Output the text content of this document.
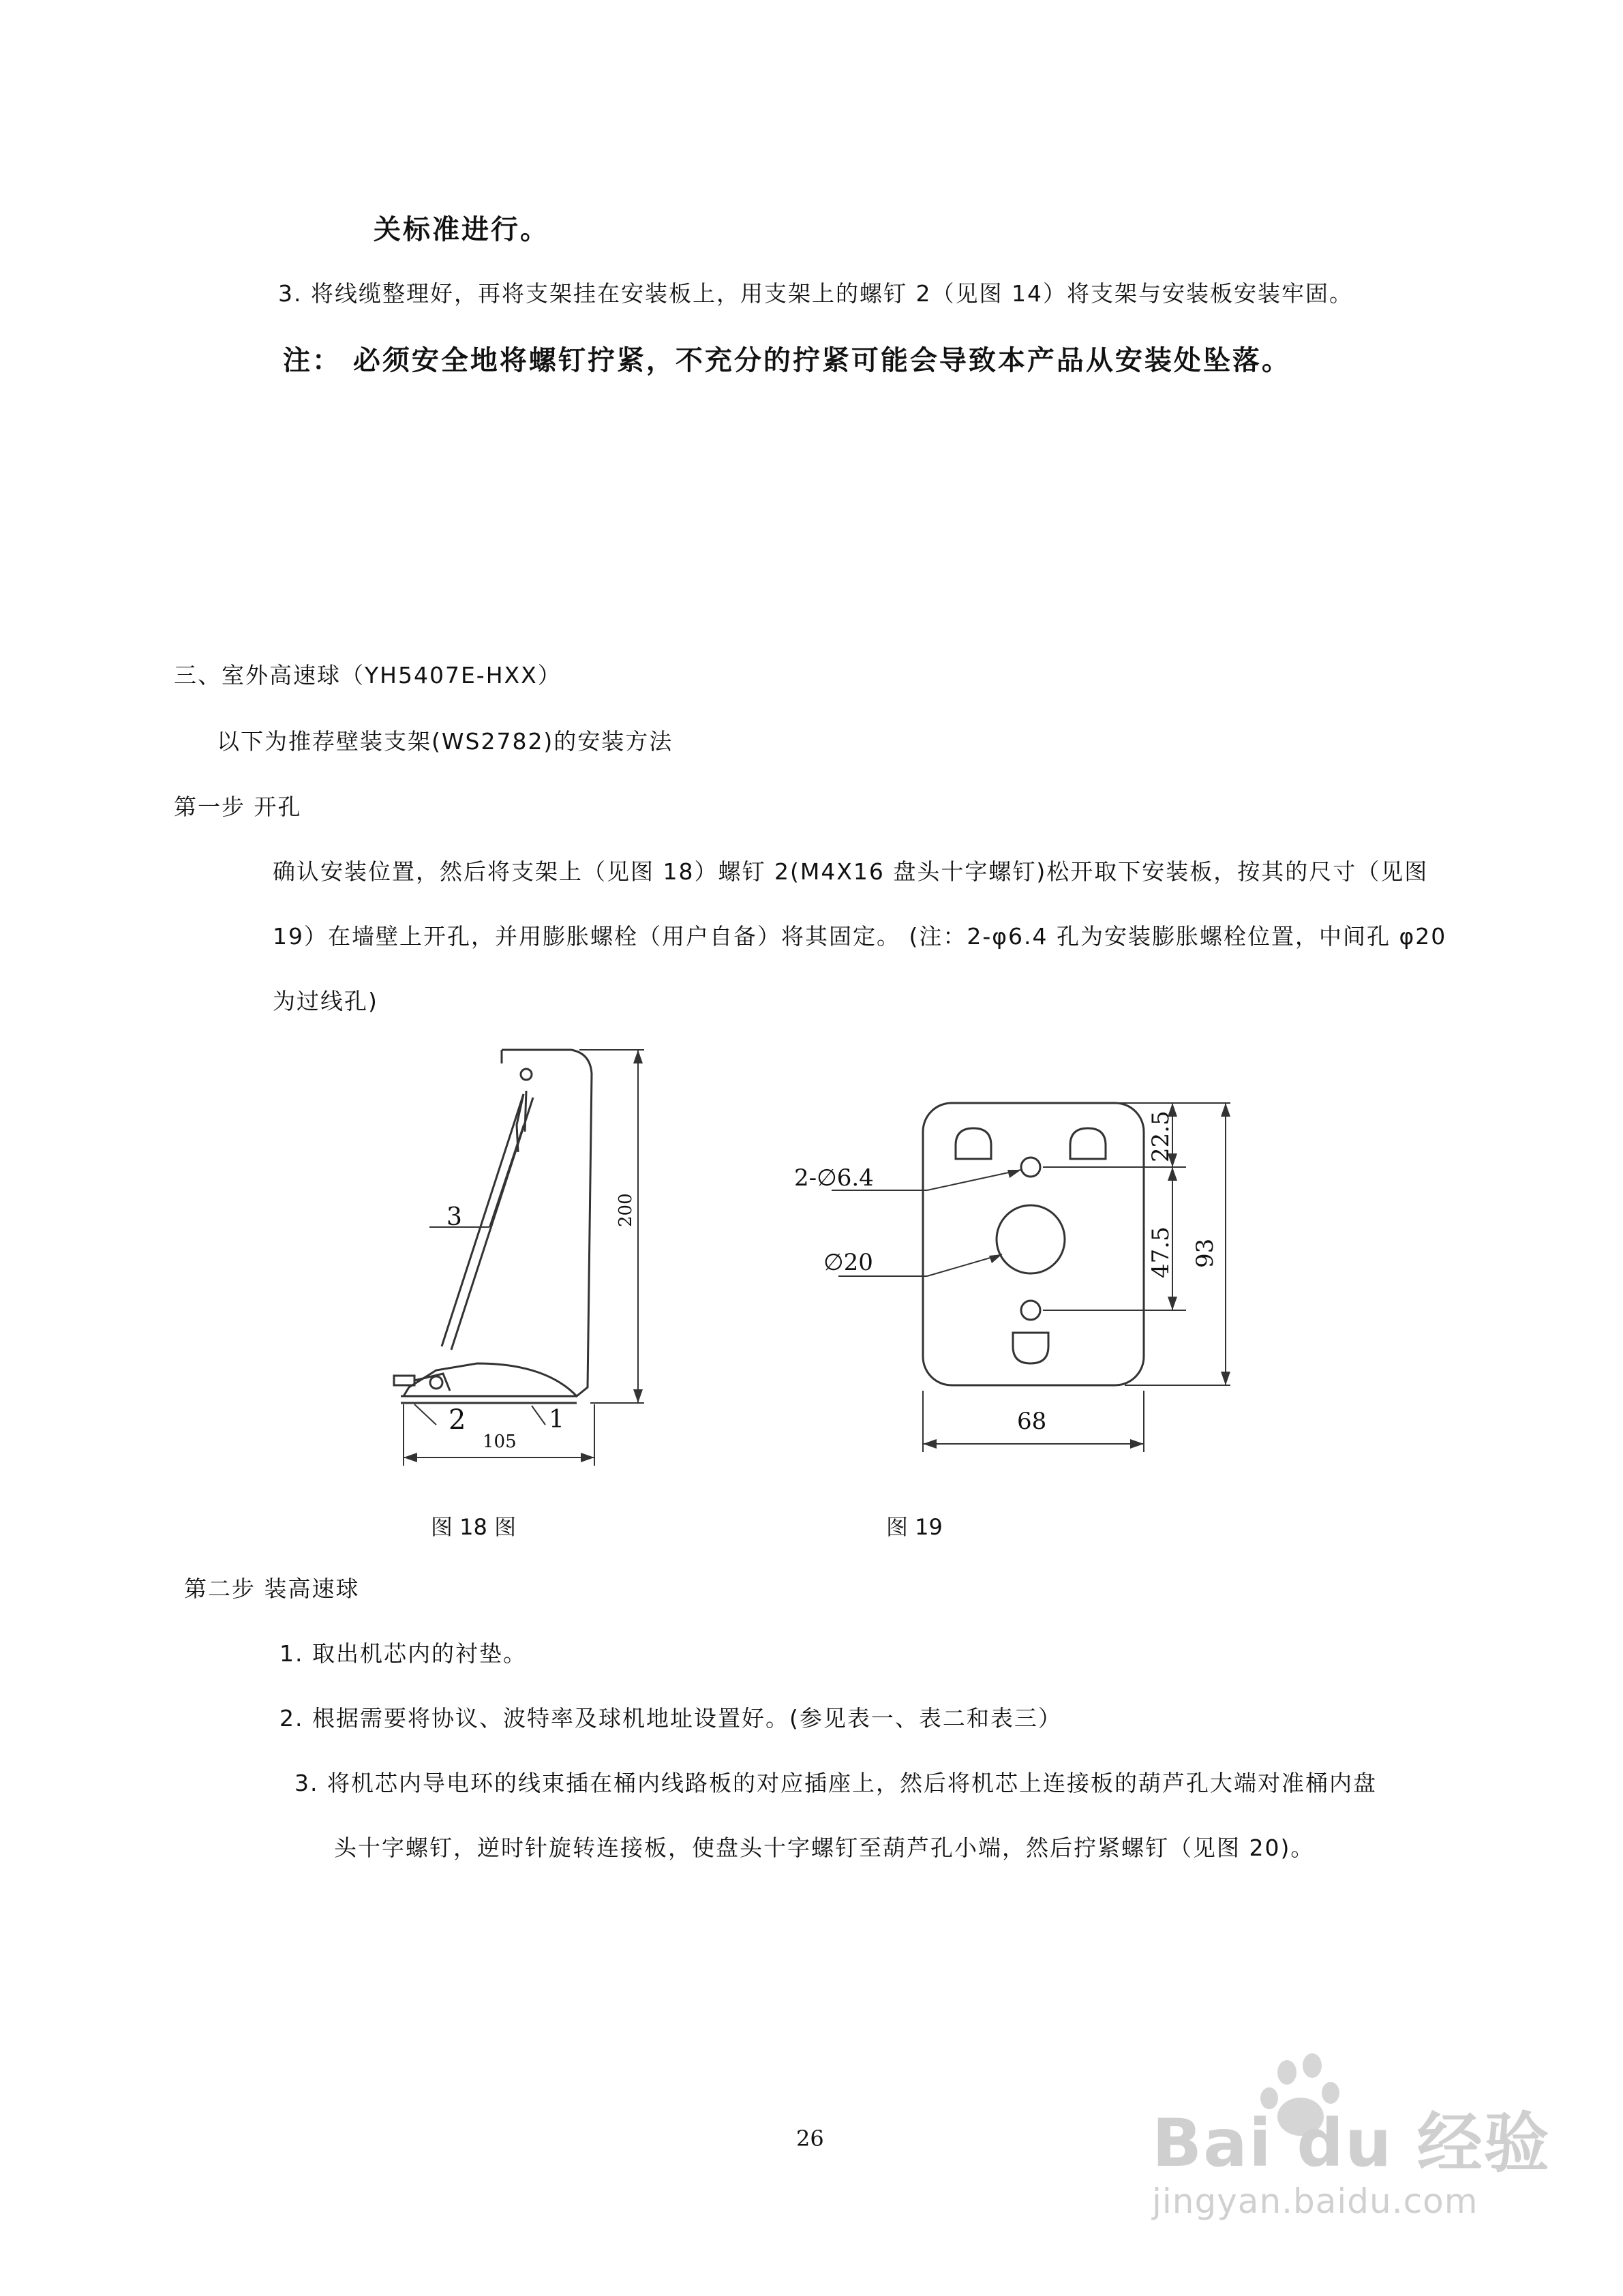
关标准进行。
3. 将线缆整理好，再将支架挂在安装板上，用支架上的螺钉 2（见图 14）将支架与安装板安装牢固。
注： 必须安全地将螺钉拧紧，不充分的拧紧可能会导致本产品从安装处坠落。
三、室外高速球（YH5407E-HXX）
以下为推荐壁装支架(WS2782)的安装方法
第一步 开孔
确认安装位置，然后将支架上（见图 18）螺钉 2(M4X16 盘头十字螺钉)松开取下安装板，按其的尺寸（见图
19）在墙壁上开孔，并用膨胀螺栓（用户自备）将其固定。 (注：2-φ6.4 孔为安装膨胀螺栓位置，中间孔 φ20
为过线孔)
3
2	1
200
105
2-∅6.4
∅20
22.5
47.5 93
68
图 18 图	图 19
第二步 装高速球
1. 取出机芯内的衬垫。
2. 根据需要将协议、波特率及球机地址设置好。(参见表一、表二和表三）
3. 将机芯内导电环的线束插在桶内线路板的对应插座上，然后将机芯上连接板的葫芦孔大端对准桶内盘
头十字螺钉，逆时针旋转连接板，使盘头十字螺钉至葫芦孔小端，然后拧紧螺钉（见图 20)。
26	Bai du 经验
jingyan.baidu.com
